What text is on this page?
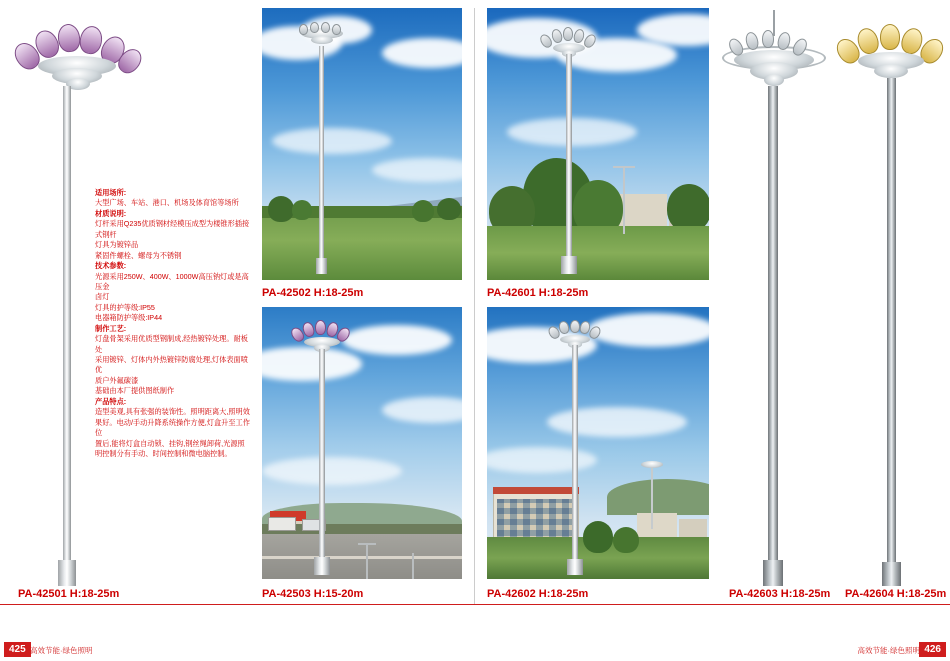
适用场所:

大型广场、车站、港口、机场及体育馆等场所

材质说明:

灯杆采用Q235优质钢材经模压成型为楼锥形插接式钢杆

灯具为镀锌品

紧固件螺栓、螺母为不锈钢

技术参数:

光源采用250W、400W、1000W高压钠灯或是高压金

卤灯

灯具的护等级:IP55

电器箱防护等级:IP44

制作工艺:

灯盘骨架采用优质型钢制成,经热镀锌处理。耐板处

采用镀锌、灯体内外热镀锌防腐处理,灯体表面喷优

质户外氟碳漆

基础由本厂提供图纸制作

产品特点:

造型美观,具有张强的装饰性。照明距离大,照明效

果好。电动/手动升降系统操作方便,灯盒升至工作位

置后,能将灯盒自动锁、挂钩,钢丝绳卸荷,光源照

明控制分有手动、时间控制和微电脑控制。

PA-42501 H:18-25m
PA-42502 H:18-25m
PA-42503 H:15-20m
PA-42601 H:18-25m
PA-42602 H:18-25m	PA-42603 H:18-25m PA-42604 H:18-25m
425 高效节能·绿色照明	426
高效节能·绿色照明
